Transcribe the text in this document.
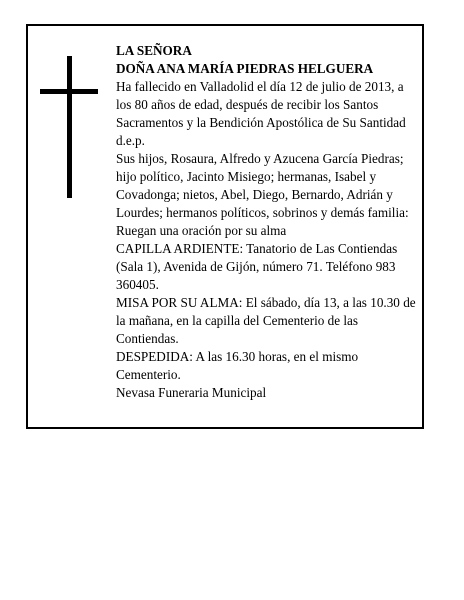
LA SEÑORA

DOÑA ANA MARÍA PIEDRAS HELGUERA

Ha fallecido en Valladolid el día 12 de julio de 2013, a los 80 años de edad, después de recibir los Santos Sacramentos y la Bendición Apostólica de Su Santidad d.e.p.

Sus hijos, Rosaura, Alfredo y Azucena García Piedras; hijo político, Jacinto Misiego; hermanas, Isabel y Covadonga; nietos, Abel, Diego, Bernardo, Adrián y Lourdes; hermanos políticos, sobrinos y demás familia:

Ruegan una oración por su alma

CAPILLA ARDIENTE: Tanatorio de Las Contiendas (Sala 1), Avenida de Gijón, número 71. Teléfono 983 360405.

MISA POR SU ALMA: El sábado, día 13, a las 10.30 de la mañana, en la capilla del Cementerio de las Contiendas.

DESPEDIDA: A las 16.30 horas, en el mismo Cementerio.

Nevasa Funeraria Municipal
